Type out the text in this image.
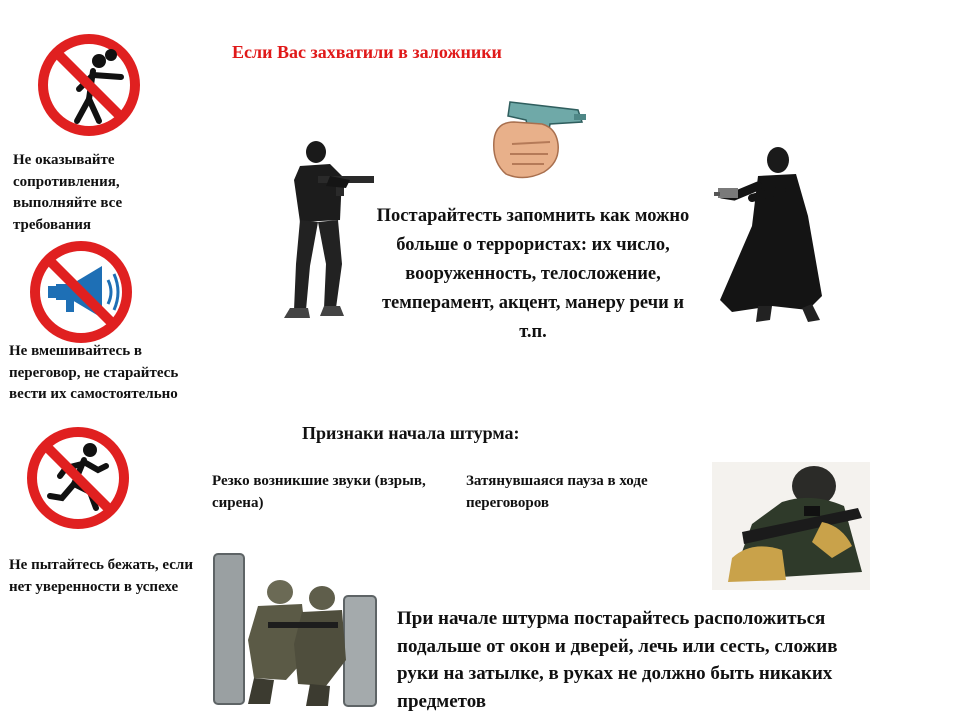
Если Вас захватили в заложники
Не оказывайте сопротивления, выполняйте все требования
Не вмешивайтесь в переговор, не старайтесь вести их самостоятельно
Не пытайтесь бежать, если нет уверенности в успехе
Постарайтесть запомнить как можно больше о террористах: их число, вооруженность, телосложение, темперамент, акцент, манеру речи и т.п.
Признаки начала штурма:
Резко возникшие звуки (взрыв, сирена)
Затянувшаяся пауза в ходе переговоров
При начале штурма постарайтесь расположиться подальше от окон и дверей, лечь или сесть, сложив руки на затылке, в руках не должно быть никаких предметов
